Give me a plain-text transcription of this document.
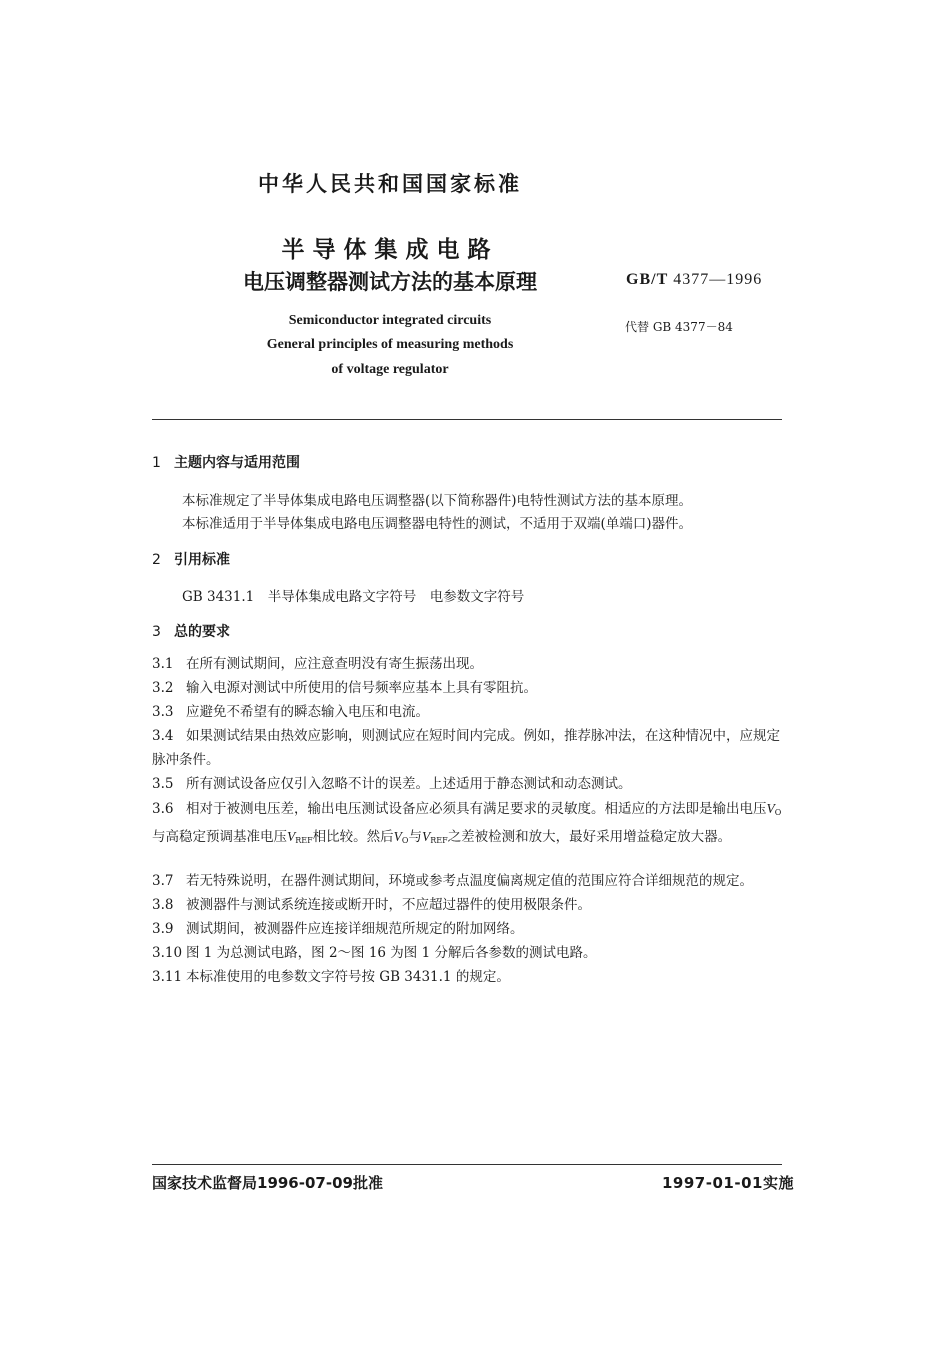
中华人民共和国国家标准
半导体集成电路
电压调整器测试方法的基本原理	GB/T 4377—1996
Semiconductor integrated circuits
General principles of measuring methods
of voltage regulator
代替 GB 4377－84
1 主题内容与适用范围
本标准规定了半导体集成电路电压调整器(以下简称器件)电特性测试方法的基本原理。
本标准适用于半导体集成电路电压调整器电特性的测试，不适用于双端(单端口)器件。
2 引用标准
GB 3431.1　半导体集成电路文字符号　电参数文字符号
3 总的要求
3.1 在所有测试期间，应注意查明没有寄生振荡出现。
3.2 输入电源对测试中所使用的信号频率应基本上具有零阻抗。
3.3 应避免不希望有的瞬态输入电压和电流。
3.4 如果测试结果由热效应影响，则测试应在短时间内完成。例如，推荐脉冲法，在这种情况中，应规定脉冲条件。
3.5 所有测试设备应仅引入忽略不计的误差。上述适用于静态测试和动态测试。
3.6 相对于被测电压差，输出电压测试设备应必须具有满足要求的灵敏度。相适应的方法即是输出电压$V_O$与高稳定预调基准电压$V_{REF}$相比较。然后$V_O$与$V_{REF}$之差被检测和放大，最好采用增益稳定放大器。
3.7 若无特殊说明，在器件测试期间，环境或参考点温度偏离规定值的范围应符合详细规范的规定。
3.8 被测器件与测试系统连接或断开时，不应超过器件的使用极限条件。
3.9 测试期间，被测器件应连接详细规范所规定的附加网络。
3.10 图 1 为总测试电路，图 2～图 16 为图 1 分解后各参数的测试电路。
3.11 本标准使用的电参数文字符号按 GB 3431.1 的规定。
国家技术监督局1996-07-09批准	1997-01-01实施
